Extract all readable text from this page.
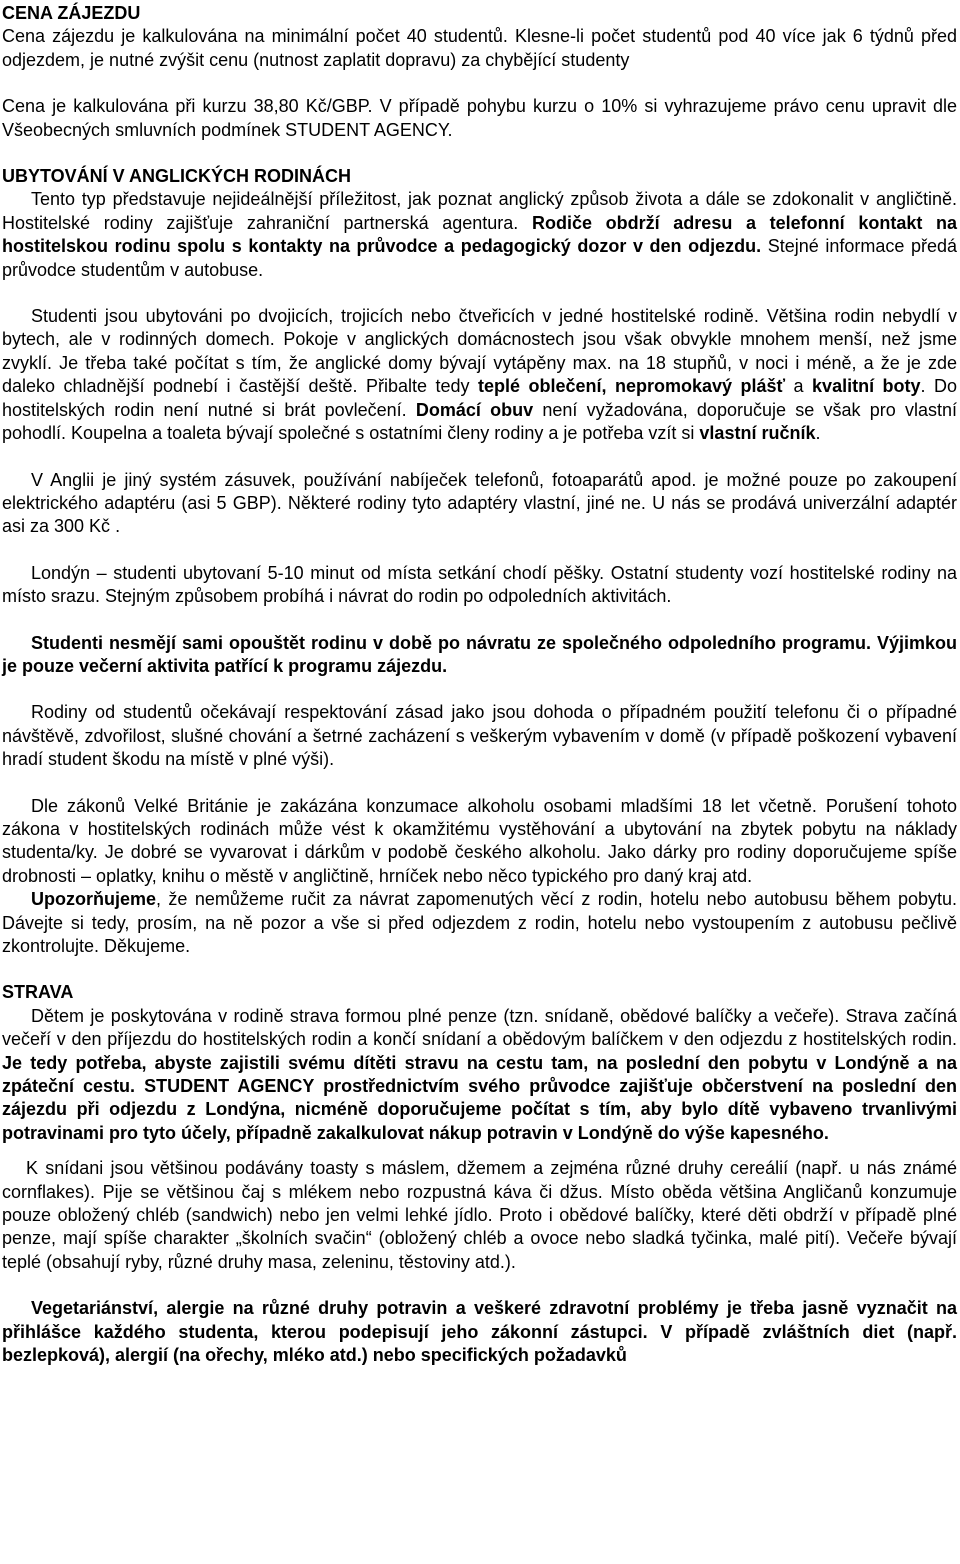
CENA ZÁJEZDU

Cena zájezdu je kalkulována na minimální počet 40 studentů. Klesne-li počet studentů pod 40 více jak 6 týdnů před odjezdem, je nutné zvýšit cenu (nutnost zaplatit dopravu) za chybějící studenty

Cena je kalkulována při kurzu 38,80 Kč/GBP. V případě pohybu kurzu o 10% si vyhrazujeme právo cenu upravit dle Všeobecných smluvních podmínek STUDENT AGENCY.

UBYTOVÁNÍ V ANGLICKÝCH RODINÁCH

Tento typ představuje nejideálnější příležitost, jak poznat anglický způsob života a dále se zdokonalit v angličtině. Hostitelské rodiny zajišťuje zahraniční partnerská agentura. Rodiče obdrží adresu a telefonní kontakt na hostitelskou rodinu spolu s kontakty na průvodce a pedagogický dozor v den odjezdu. Stejné informace předá průvodce studentům v autobuse.

Studenti jsou ubytováni po dvojicích, trojicích nebo čtveřicích v jedné hostitelské rodině. Většina rodin nebydlí v bytech, ale v rodinných domech. Pokoje v anglických domácnostech jsou však obvykle mnohem menší, než jsme zvyklí. Je třeba také počítat s tím, že anglické domy bývají vytápěny max. na 18 stupňů, v noci i méně, a že je zde daleko chladnější podnebí i častější deště. Přibalte tedy teplé oblečení, nepromokavý plášť a kvalitní boty. Do hostitelských rodin není nutné si brát povlečení. Domácí obuv není vyžadována, doporučuje se však pro vlastní pohodlí. Koupelna a toaleta bývají společné s ostatními členy rodiny a je potřeba vzít si vlastní ručník.

V Anglii je jiný systém zásuvek, používání nabíječek telefonů, fotoaparátů apod. je možné pouze po zakoupení elektrického adaptéru (asi 5 GBP). Některé rodiny tyto adaptéry vlastní, jiné ne. U nás se prodává univerzální adaptér asi za 300 Kč .

Londýn – studenti ubytovaní 5-10 minut od místa setkání chodí pěšky. Ostatní studenty vozí hostitelské rodiny na místo srazu. Stejným způsobem probíhá i návrat do rodin po odpoledních aktivitách.

Studenti nesmějí sami opouštět rodinu v době po návratu ze společného odpoledního programu. Výjimkou je pouze večerní aktivita patřící k programu zájezdu.

Rodiny od studentů očekávají respektování zásad jako jsou dohoda o případném použití telefonu či o případné návštěvě, zdvořilost, slušné chování a šetrné zacházení s veškerým vybavením v domě (v případě poškození vybavení hradí student škodu na místě v plné výši).

Dle zákonů Velké Británie je zakázána konzumace alkoholu osobami mladšími 18 let včetně. Porušení tohoto zákona v hostitelských rodinách může vést k okamžitému vystěhování a ubytování na zbytek pobytu na náklady studenta/ky. Je dobré se vyvarovat i dárkům v podobě českého alkoholu. Jako dárky pro rodiny doporučujeme spíše drobnosti – oplatky, knihu o městě v angličtině, hrníček nebo něco typického pro daný kraj atd.

Upozorňujeme, že nemůžeme ručit za návrat zapomenutých věcí z rodin, hotelu nebo autobusu během pobytu. Dávejte si tedy, prosím, na ně pozor a vše si před odjezdem z rodin, hotelu nebo vystoupením z autobusu pečlivě zkontrolujte. Děkujeme.

STRAVA

Dětem je poskytována v rodině strava formou plné penze (tzn. snídaně, obědové balíčky a večeře). Strava začíná večeří v den příjezdu do hostitelských rodin a končí snídaní a obědovým balíčkem v den odjezdu z hostitelských rodin. Je tedy potřeba, abyste zajistili svému dítěti stravu na cestu tam, na poslední den pobytu v Londýně a na zpáteční cestu. STUDENT AGENCY prostřednictvím svého průvodce zajišťuje občerstvení na poslední den zájezdu při odjezdu z Londýna, nicméně doporučujeme počítat s tím, aby bylo dítě vybaveno trvanlivými potravinami pro tyto účely, případně zakalkulovat nákup potravin v Londýně do výše kapesného.

K snídani jsou většinou podávány toasty s máslem, džemem a zejména různé druhy cereálií (např. u nás známé cornflakes). Pije se většinou čaj s mlékem nebo rozpustná káva či džus. Místo oběda většina Angličanů konzumuje pouze obložený chléb (sandwich) nebo jen velmi lehké jídlo. Proto i obědové balíčky, které děti obdrží v případě plné penze, mají spíše charakter „školních svačin“ (obložený chléb a ovoce nebo sladká tyčinka, malé pití). Večeře bývají teplé (obsahují ryby, různé druhy masa, zeleninu, těstoviny atd.).

Vegetariánství, alergie na různé druhy potravin a veškeré zdravotní problémy je třeba jasně vyznačit na přihlášce každého studenta, kterou podepisují jeho zákonní zástupci. V případě zvláštních diet (např. bezlepková), alergií (na ořechy, mléko atd.) nebo specifických požadavků
